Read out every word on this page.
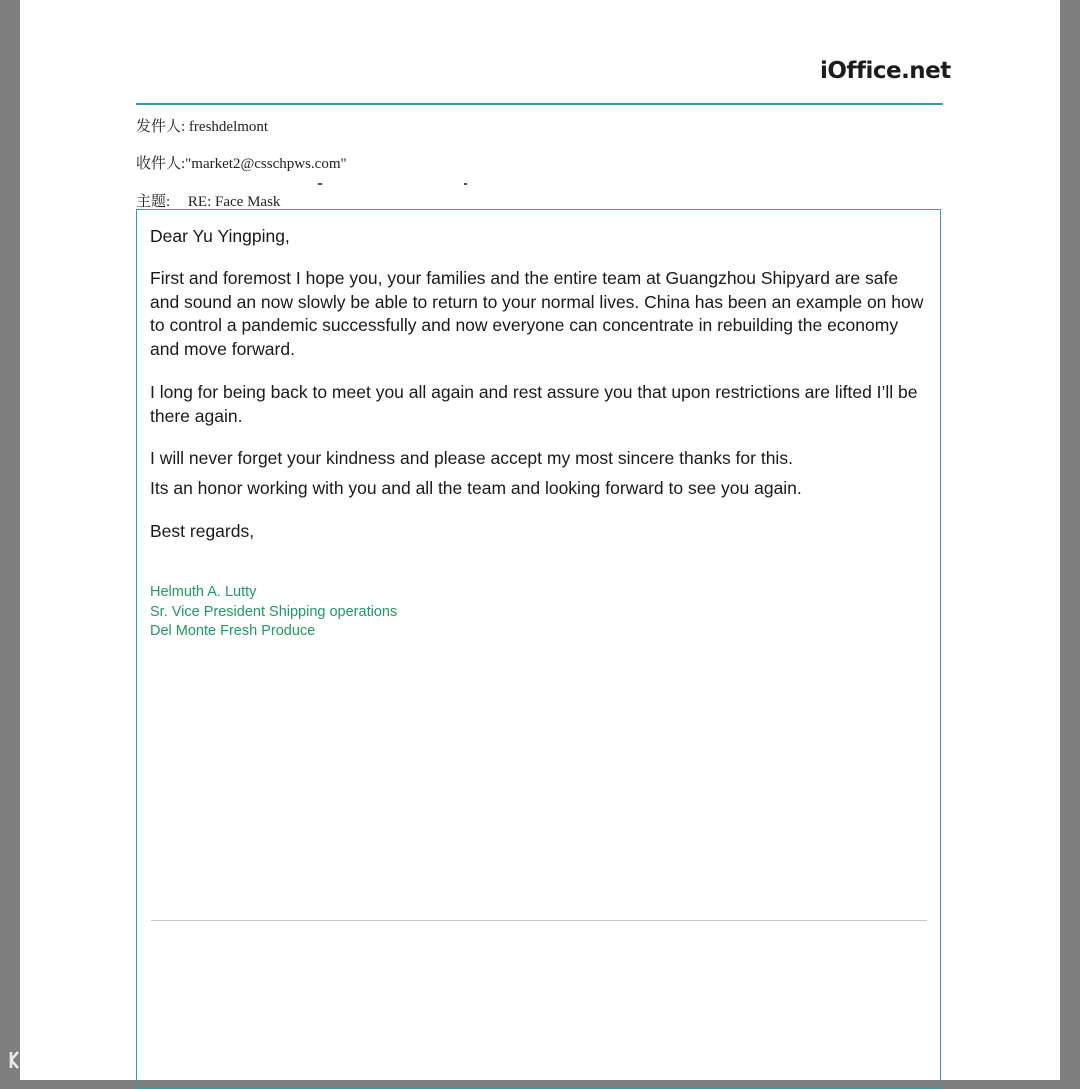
iOffice.net
发件人: freshdelmont
收件人:"market2@csschpws.com"
主题: RE: Face Mask

Dear Yu Yingping,

First and foremost I hope you, your families and the entire team at Guangzhou Shipyard are safe and sound an now slowly be able to return to your normal lives. China has been an example on how to control a pandemic successfully and now everyone can concentrate in rebuilding the economy and move forward.

I long for being back to meet you all again and rest assure you that upon restrictions are lifted I’ll be there again.

I will never forget your kindness and please accept my most sincere thanks for this.

Its an honor working with you and all the team and looking forward to see you again.

Best regards,

Helmuth A. Lutty
Sr. Vice President Shipping operations
Del Monte Fresh Produce
大数跨境
